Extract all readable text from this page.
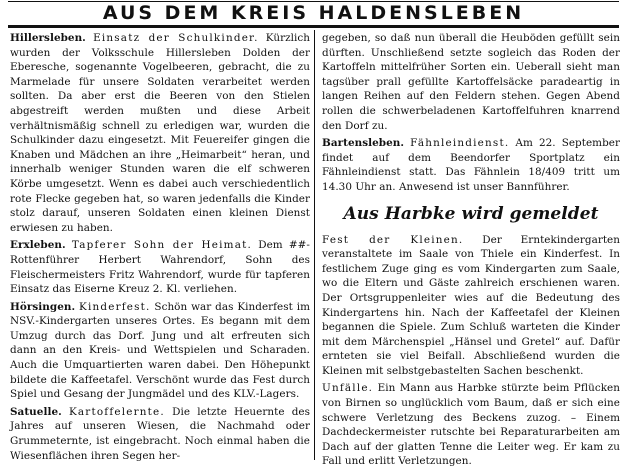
AUS DEM KREIS HALDENSLEBEN

Hillersleben. Einsatz der Schulkinder. Kürzlich wurden der Volksschule Hillersleben Dolden der Eberesche, sogenannte Vogelbeeren, gebracht, die zu Marmelade für unsere Soldaten verarbeitet werden sollten. Da aber erst die Beeren von den Stielen abgestreift werden mußten und diese Arbeit verhältnismäßig schnell zu erledigen war, wurden die Schulkinder dazu eingesetzt. Mit Feuereifer gingen die Knaben und Mädchen an ihre „Heimarbeit“ heran, und innerhalb weniger Stunden waren die elf schweren Körbe umgesetzt. Wenn es dabei auch verschiedentlich rote Flecke gegeben hat, so waren jedenfalls die Kinder stolz darauf, unseren Soldaten einen kleinen Dienst erwiesen zu haben.

Erxleben. Tapferer Sohn der Heimat. Dem ##-Rottenführer Herbert Wahrendorf, Sohn des Fleischermeisters Fritz Wahrendorf, wurde für tapferen Einsatz das Eiserne Kreuz 2. Kl. verliehen.

Hörsingen. Kinderfest. Schön war das Kinderfest im NSV.-Kindergarten unseres Ortes. Es begann mit dem Umzug durch das Dorf. Jung und alt erfreuten sich dann an den Kreis- und Wettspielen und Scharaden. Auch die Umquartierten waren dabei. Den Höhepunkt bildete die Kaffeetafel. Verschönt wurde das Fest durch Spiel und Gesang der Jungmädel und des KLV.-Lagers.

Satuelle. Kartoffelernte. Die letzte Heuernte des Jahres auf unseren Wiesen, die Nachmahd oder Grummeternte, ist eingebracht. Noch einmal haben die Wiesenflächen ihren Segen her-

gegeben, so daß nun überall die Heuböden gefüllt sein dürften. Unschließend setzte sogleich das Roden der Kartoffeln mittelfrüher Sorten ein. Ueberall sieht man tagsüber prall gefüllte Kartoffelsäcke paradeartig in langen Reihen auf den Feldern stehen. Gegen Abend rollen die schwerbeladenen Kartoffelfuhren knarrend den Dorf zu.

Bartensleben. Fähnleindienst. Am 22. September findet auf dem Beendorfer Sportplatz ein Fähnleindienst statt. Das Fähnlein 18/409 tritt um 14.30 Uhr an. Anwesend ist unser Bannführer.

Aus Harbke wird gemeldet

Fest der Kleinen. Der Erntekindergarten veranstaltete im Saale von Thiele ein Kinderfest. In festlichem Zuge ging es vom Kindergarten zum Saale, wo die Eltern und Gäste zahlreich erschienen waren. Der Ortsgruppenleiter wies auf die Bedeutung des Kindergartens hin. Nach der Kaffeetafel der Kleinen begannen die Spiele. Zum Schluß warteten die Kinder mit dem Märchenspiel „Hänsel und Gretel“ auf. Dafür ernteten sie viel Beifall. Abschließend wurden die Kleinen mit selbstgebastelten Sachen beschenkt.

Unfälle. Ein Mann aus Harbke stürzte beim Pflücken von Birnen so unglücklich vom Baum, daß er sich eine schwere Verletzung des Beckens zuzog. – Einem Dachdeckermeister rutschte bei Reparaturarbeiten am Dach auf der glatten Tenne die Leiter weg. Er kam zu Fall und erlitt Verletzungen.
